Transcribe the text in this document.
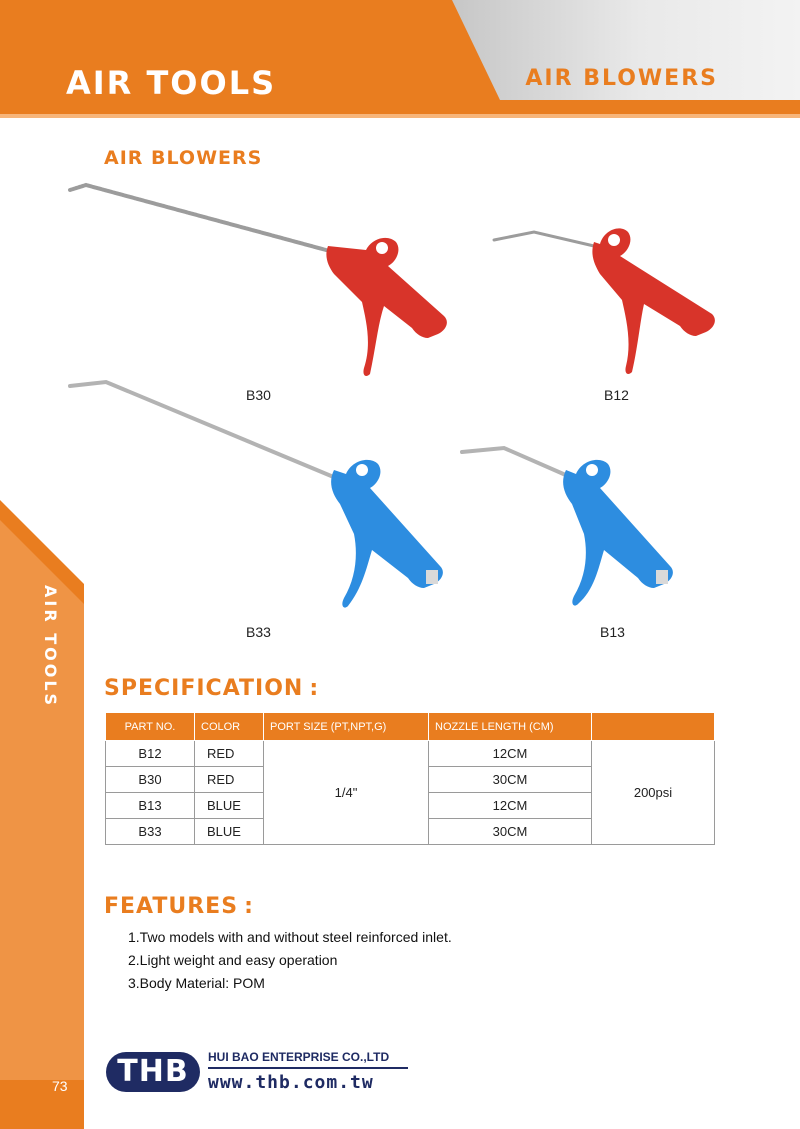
AIR TOOLS	AIR BLOWERS
AIR TOOLS
73
AIR BLOWERS
B30	B12
B33	B13
SPECIFICATION :
PART NO.	COLOR	PORT SIZE (PT,NPT,G)	NOZZLE LENGTH (CM)	
B12	RED	1/4"	12CM	200psi
B30	RED		30CM	
B13	BLUE		12CM	
B33	BLUE		30CM	
FEATURES :
1.Two models with and without steel reinforced inlet.
2.Light weight and easy operation
3.Body Material: POM
THB	HUI BAO ENTERPRISE CO.,LTD
www.thb.com.tw
